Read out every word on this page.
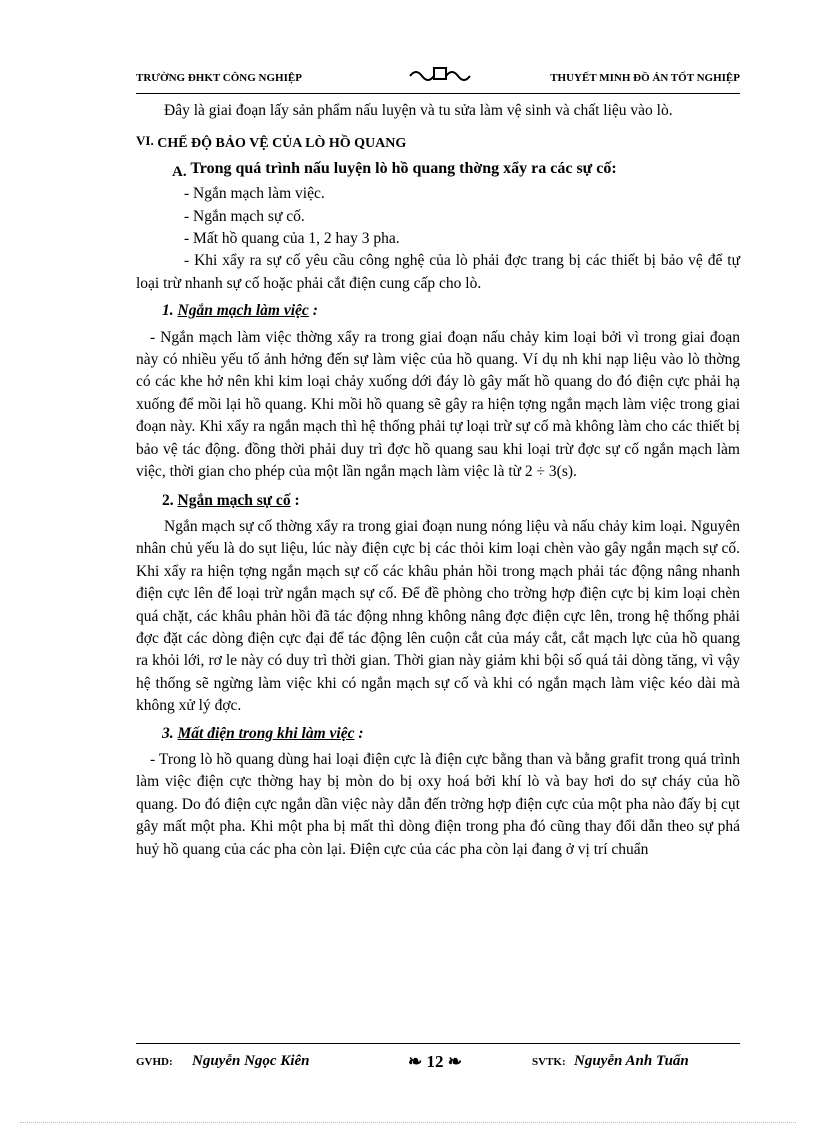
TRƯỜNG ĐHKT CÔNG NGHIỆP	THUYẾT MINH ĐỒ ÁN TỐT NGHIỆP

Đây là giai đoạn lấy sản phẩm nấu luyện và tu sửa làm vệ sinh và chất liệu vào lò.

VI. CHẾ ĐỘ BẢO VỆ CỦA LÒ HỒ QUANG

A. Trong quá trình nấu luyện lò hồ quang thờng xẩy ra các sự cố:

- Ngắn mạch làm việc.

- Ngắn mạch sự cố.

- Mất hồ quang của 1, 2 hay 3 pha.

- Khi xẩy ra sự cố yêu cầu công nghệ của lò phải đợc trang bị các thiết bị bảo vệ để tự loại trừ nhanh sự cố hoặc phải cắt điện cung cấp cho lò.

1. Ngắn mạch làm việc :

- Ngắn mạch làm việc thờng xẩy ra trong giai đoạn nấu chảy kim loại bởi vì trong giai đoạn này có nhiều yếu tố ảnh hởng đến sự làm việc của hồ quang. Ví dụ nh khi nạp liệu vào lò thờng có các khe hở nên khi kim loại chảy xuống dới đáy lò gây mất hồ quang do đó điện cực phải hạ xuống để mồi lại hồ quang. Khi mồi hồ quang sẽ gây ra hiện tợng ngắn mạch làm việc trong giai đoạn này. Khi xẩy ra ngắn mạch thì hệ thống phải tự loại trừ sự cố mà không làm cho các thiết bị bảo vệ tác động. đồng thời phải duy trì đợc hồ quang sau khi loại trừ đợc sự cố ngắn mạch làm việc, thời gian cho phép của một lần ngắn mạch làm việc là từ 2 ÷ 3(s).

2. Ngắn mạch sự cố :

Ngắn mạch sự cố thờng xẩy ra trong giai đoạn nung nóng liệu và nấu chảy kim loại. Nguyên nhân chủ yếu là do sụt liệu, lúc này điện cực bị các thỏi kim loại chèn vào gây ngắn mạch sự cố. Khi xẩy ra hiện tợng ngắn mạch sự cố các khâu phản hồi trong mạch phải tác động nâng nhanh điện cực lên để loại trừ ngắn mạch sự cố. Để đề phòng cho trờng hợp điện cực bị kim loại chèn quá chặt, các khâu phản hồi đã tác động nhng không nâng đợc điện cực lên, trong hệ thống phải đợc đặt các dòng điện cực đại để tác động lên cuộn cắt của máy cắt, cắt mạch lực của hồ quang ra khỏi lới, rơ le này có duy trì thời gian. Thời gian này giảm khi bội số quá tải dòng tăng, vì vậy hệ thống sẽ ngừng làm việc khi có ngắn mạch sự cố và khi có ngắn mạch làm việc kéo dài mà không xử lý đợc.

3. Mất điện trong khi làm việc :

- Trong lò hồ quang dùng hai loại điện cực là điện cực bằng than và bằng grafit trong quá trình làm việc điện cực thờng hay bị mòn do bị oxy hoá bởi khí lò và bay hơi do sự cháy của hồ quang. Do đó điện cực ngắn dần việc này dẫn đến trờng hợp điện cực của một pha nào đấy bị cụt gây mất một pha. Khi một pha bị mất thì dòng điện trong pha đó cũng thay đổi dẫn theo sự phá huỷ hồ quang của các pha còn lại. Điện cực của các pha còn lại đang ở vị trí chuẩn

GVHD: Nguyễn Ngọc Kiên	❧ 12 ❧	SVTK: Nguyễn Anh Tuấn
